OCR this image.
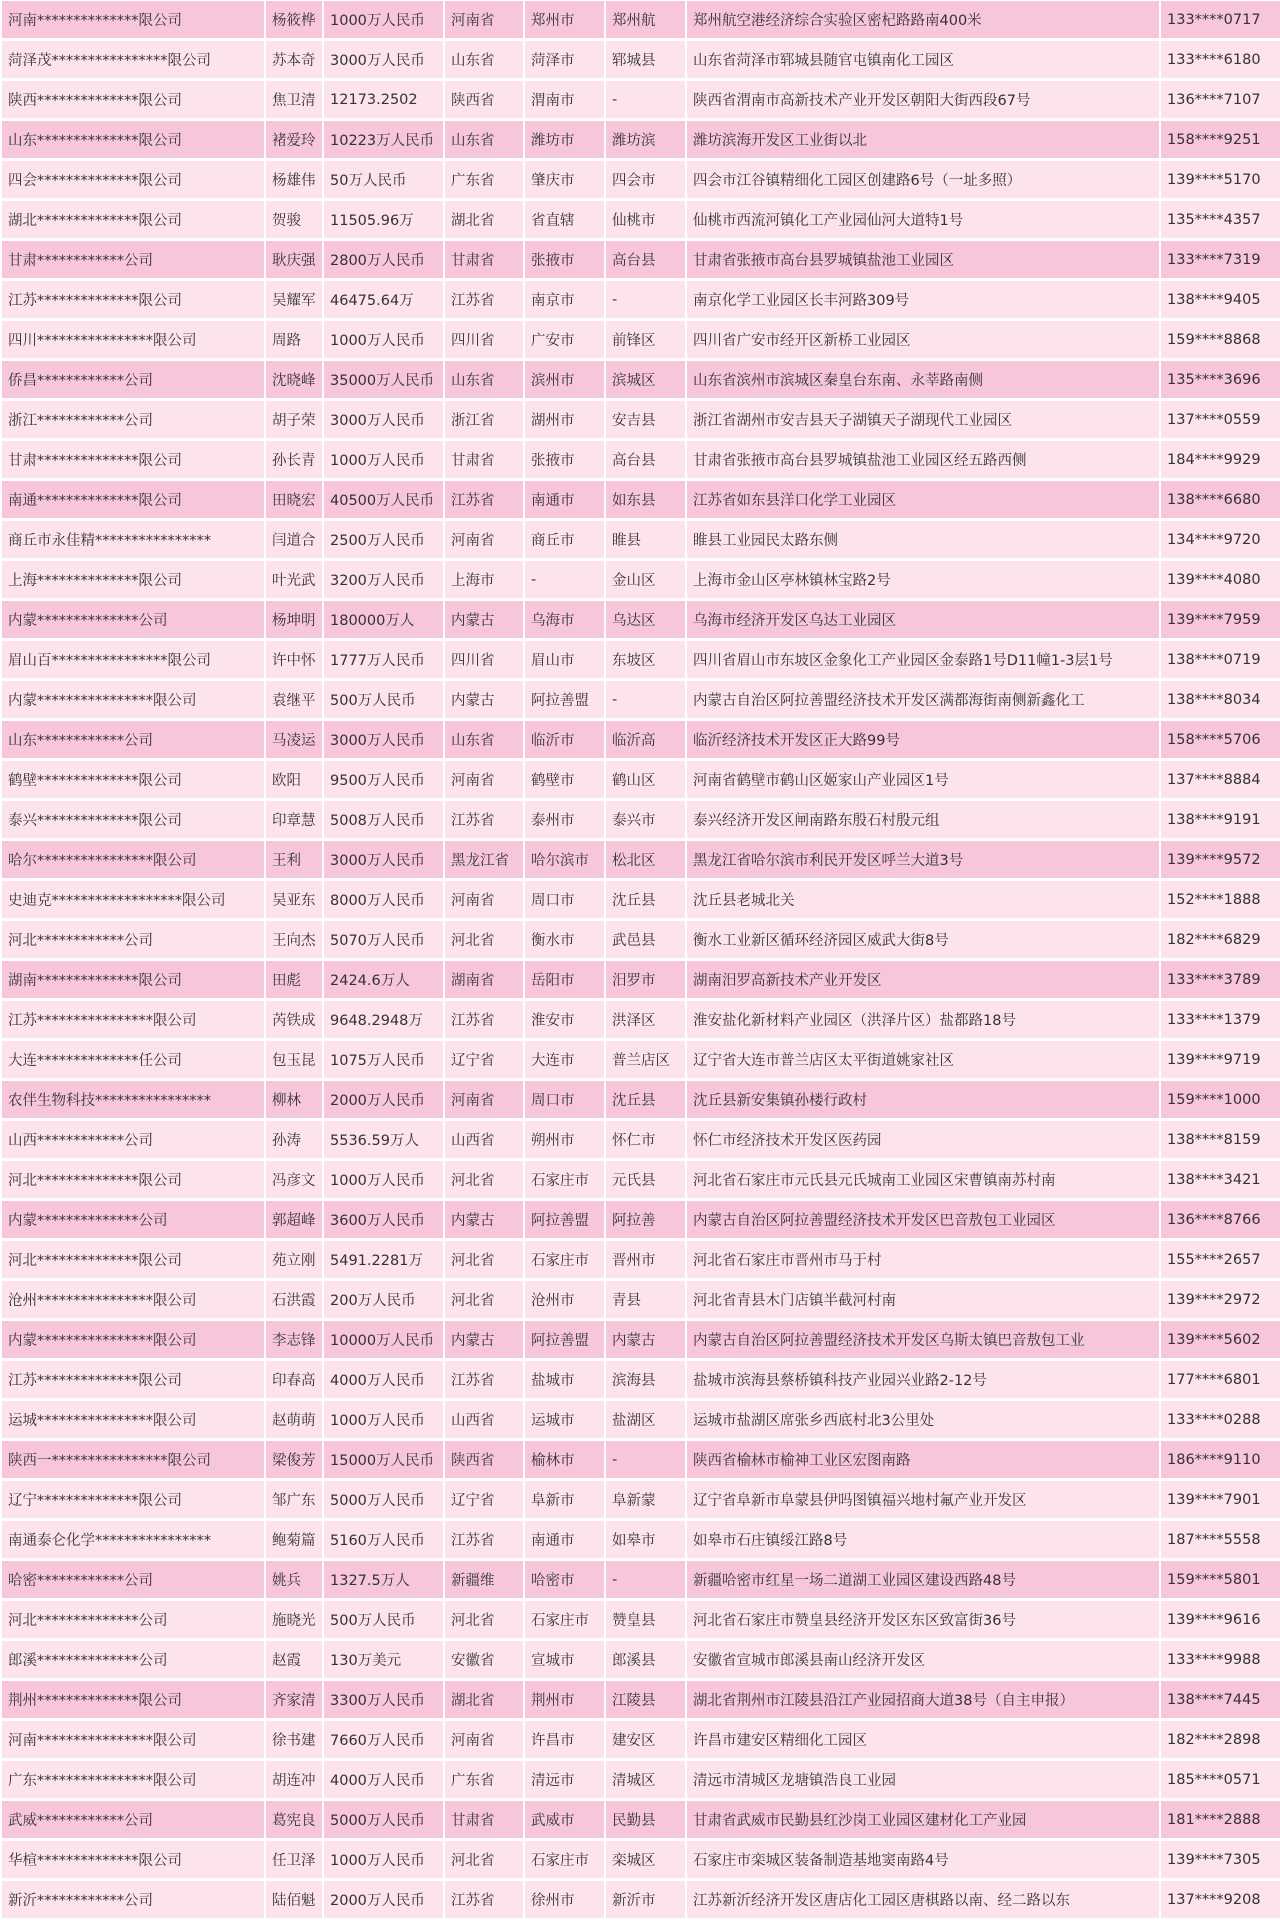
河南**************限公司	杨筱桦	1000万人民币	河南省	郑州市	郑州航	郑州航空港经济综合实验区密杞路路南400米	133****0717
菏泽茂****************限公司	苏本奇	3000万人民币	山东省	菏泽市	郓城县	山东省菏泽市郓城县随官屯镇南化工园区	133****6180
陕西**************限公司	焦卫清	12173.2502	陕西省	渭南市	-	陕西省渭南市高新技术产业开发区朝阳大街西段67号	136****7107
山东**************限公司	褚爱玲	10223万人民币	山东省	潍坊市	潍坊滨	潍坊滨海开发区工业街以北	158****9251
四会**************限公司	杨雄伟	50万人民币	广东省	肇庆市	四会市	四会市江谷镇精细化工园区创建路6号（一址多照）	139****5170
湖北**************限公司	贺骏	11505.96万	湖北省	省直辖	仙桃市	仙桃市西流河镇化工产业园仙河大道特1号	135****4357
甘肃************公司	耿庆强	2800万人民币	甘肃省	张掖市	高台县	甘肃省张掖市高台县罗城镇盐池工业园区	133****7319
江苏**************限公司	吴耀军	46475.64万	江苏省	南京市	-	南京化学工业园区长丰河路309号	138****9405
四川****************限公司	周路	1000万人民币	四川省	广安市	前锋区	四川省广安市经开区新桥工业园区	159****8868
侨昌************公司	沈晓峰	35000万人民币	山东省	滨州市	滨城区	山东省滨州市滨城区秦皇台东南、永莘路南侧	135****3696
浙江************公司	胡子荣	3000万人民币	浙江省	湖州市	安吉县	浙江省湖州市安吉县天子湖镇天子湖现代工业园区	137****0559
甘肃**************限公司	孙长青	1000万人民币	甘肃省	张掖市	高台县	甘肃省张掖市高台县罗城镇盐池工业园区经五路西侧	184****9929
南通**************限公司	田晓宏	40500万人民币	江苏省	南通市	如东县	江苏省如东县洋口化学工业园区	138****6680
商丘市永佳精****************	闫道合	2500万人民币	河南省	商丘市	睢县	睢县工业园民太路东侧	134****9720
上海**************限公司	叶光武	3200万人民币	上海市	-	金山区	上海市金山区亭林镇林宝路2号	139****4080
内蒙**************公司	杨坤明	180000万人	内蒙古	乌海市	乌达区	乌海市经济开发区乌达工业园区	139****7959
眉山百****************限公司	许中怀	1777万人民币	四川省	眉山市	东坡区	四川省眉山市东坡区金象化工产业园区金泰路1号D11幢1-3层1号	138****0719
内蒙****************限公司	袁继平	500万人民币	内蒙古	阿拉善盟	-	内蒙古自治区阿拉善盟经济技术开发区满都海街南侧新鑫化工	138****8034
山东************公司	马凌运	3000万人民币	山东省	临沂市	临沂高	临沂经济技术开发区正大路99号	158****5706
鹤壁**************限公司	欧阳	9500万人民币	河南省	鹤壁市	鹤山区	河南省鹤壁市鹤山区姬家山产业园区1号	137****8884
泰兴**************限公司	印章慧	5008万人民币	江苏省	泰州市	泰兴市	泰兴经济开发区闸南路东殷石村殷元组	138****9191
哈尔****************限公司	王利	3000万人民币	黑龙江省	哈尔滨市	松北区	黑龙江省哈尔滨市利民开发区呼兰大道3号	139****9572
史迪克******************限公司	吴亚东	8000万人民币	河南省	周口市	沈丘县	沈丘县老城北关	152****1888
河北************公司	王向杰	5070万人民币	河北省	衡水市	武邑县	衡水工业新区循环经济园区威武大街8号	182****6829
湖南**************限公司	田彪	2424.6万人	湖南省	岳阳市	汨罗市	湖南汨罗高新技术产业开发区	133****3789
江苏****************限公司	芮铁成	9648.2948万	江苏省	淮安市	洪泽区	淮安盐化新材料产业园区（洪泽片区）盐都路18号	133****1379
大连**************任公司	包玉昆	1075万人民币	辽宁省	大连市	普兰店区	辽宁省大连市普兰店区太平街道姚家社区	139****9719
农伴生物科技****************	柳林	2000万人民币	河南省	周口市	沈丘县	沈丘县新安集镇孙楼行政村	159****1000
山西************公司	孙涛	5536.59万人	山西省	朔州市	怀仁市	怀仁市经济技术开发区医药园	138****8159
河北**************限公司	冯彦文	1000万人民币	河北省	石家庄市	元氏县	河北省石家庄市元氏县元氏城南工业园区宋曹镇南苏村南	138****3421
内蒙**************公司	郭超峰	3600万人民币	内蒙古	阿拉善盟	阿拉善	内蒙古自治区阿拉善盟经济技术开发区巴音敖包工业园区	136****8766
河北**************限公司	苑立刚	5491.2281万	河北省	石家庄市	晋州市	河北省石家庄市晋州市马于村	155****2657
沧州****************限公司	石洪霞	200万人民币	河北省	沧州市	青县	河北省青县木门店镇半截河村南	139****2972
内蒙****************限公司	李志锋	10000万人民币	内蒙古	阿拉善盟	内蒙古	内蒙古自治区阿拉善盟经济技术开发区乌斯太镇巴音敖包工业	139****5602
江苏**************限公司	印春高	4000万人民币	江苏省	盐城市	滨海县	盐城市滨海县蔡桥镇科技产业园兴业路2-12号	177****6801
运城****************限公司	赵萌萌	1000万人民币	山西省	运城市	盐湖区	运城市盐湖区席张乡西底村北3公里处	133****0288
陕西一****************限公司	梁俊芳	15000万人民币	陕西省	榆林市	-	陕西省榆林市榆神工业区宏图南路	186****9110
辽宁**************限公司	邹广东	5000万人民币	辽宁省	阜新市	阜新蒙	辽宁省阜新市阜蒙县伊吗图镇福兴地村氟产业开发区	139****7901
南通泰仑化学****************	鲍菊篇	5160万人民币	江苏省	南通市	如皋市	如皋市石庄镇绥江路8号	187****5558
哈密************公司	姚兵	1327.5万人	新疆维	哈密市	-	新疆哈密市红星一场二道湖工业园区建设西路48号	159****5801
河北**************公司	施晓光	500万人民币	河北省	石家庄市	赞皇县	河北省石家庄市赞皇县经济开发区东区致富街36号	139****9616
郎溪**************公司	赵霞	130万美元	安徽省	宣城市	郎溪县	安徽省宣城市郎溪县南山经济开发区	133****9988
荆州**************限公司	齐家清	3300万人民币	湖北省	荆州市	江陵县	湖北省荆州市江陵县沿江产业园招商大道38号（自主申报）	138****7445
河南****************限公司	徐书建	7660万人民币	河南省	许昌市	建安区	许昌市建安区精细化工园区	182****2898
广东****************限公司	胡连冲	4000万人民币	广东省	清远市	清城区	清远市清城区龙塘镇浩良工业园	185****0571
武威************公司	葛宪良	5000万人民币	甘肃省	武威市	民勤县	甘肃省武威市民勤县红沙岗工业园区建材化工产业园	181****2888
华楦**************限公司	任卫泽	1000万人民币	河北省	石家庄市	栾城区	石家庄市栾城区装备制造基地窦南路4号	139****7305
新沂************公司	陆佰魁	2000万人民币	江苏省	徐州市	新沂市	江苏新沂经济开发区唐店化工园区唐棋路以南、经二路以东	137****9208
